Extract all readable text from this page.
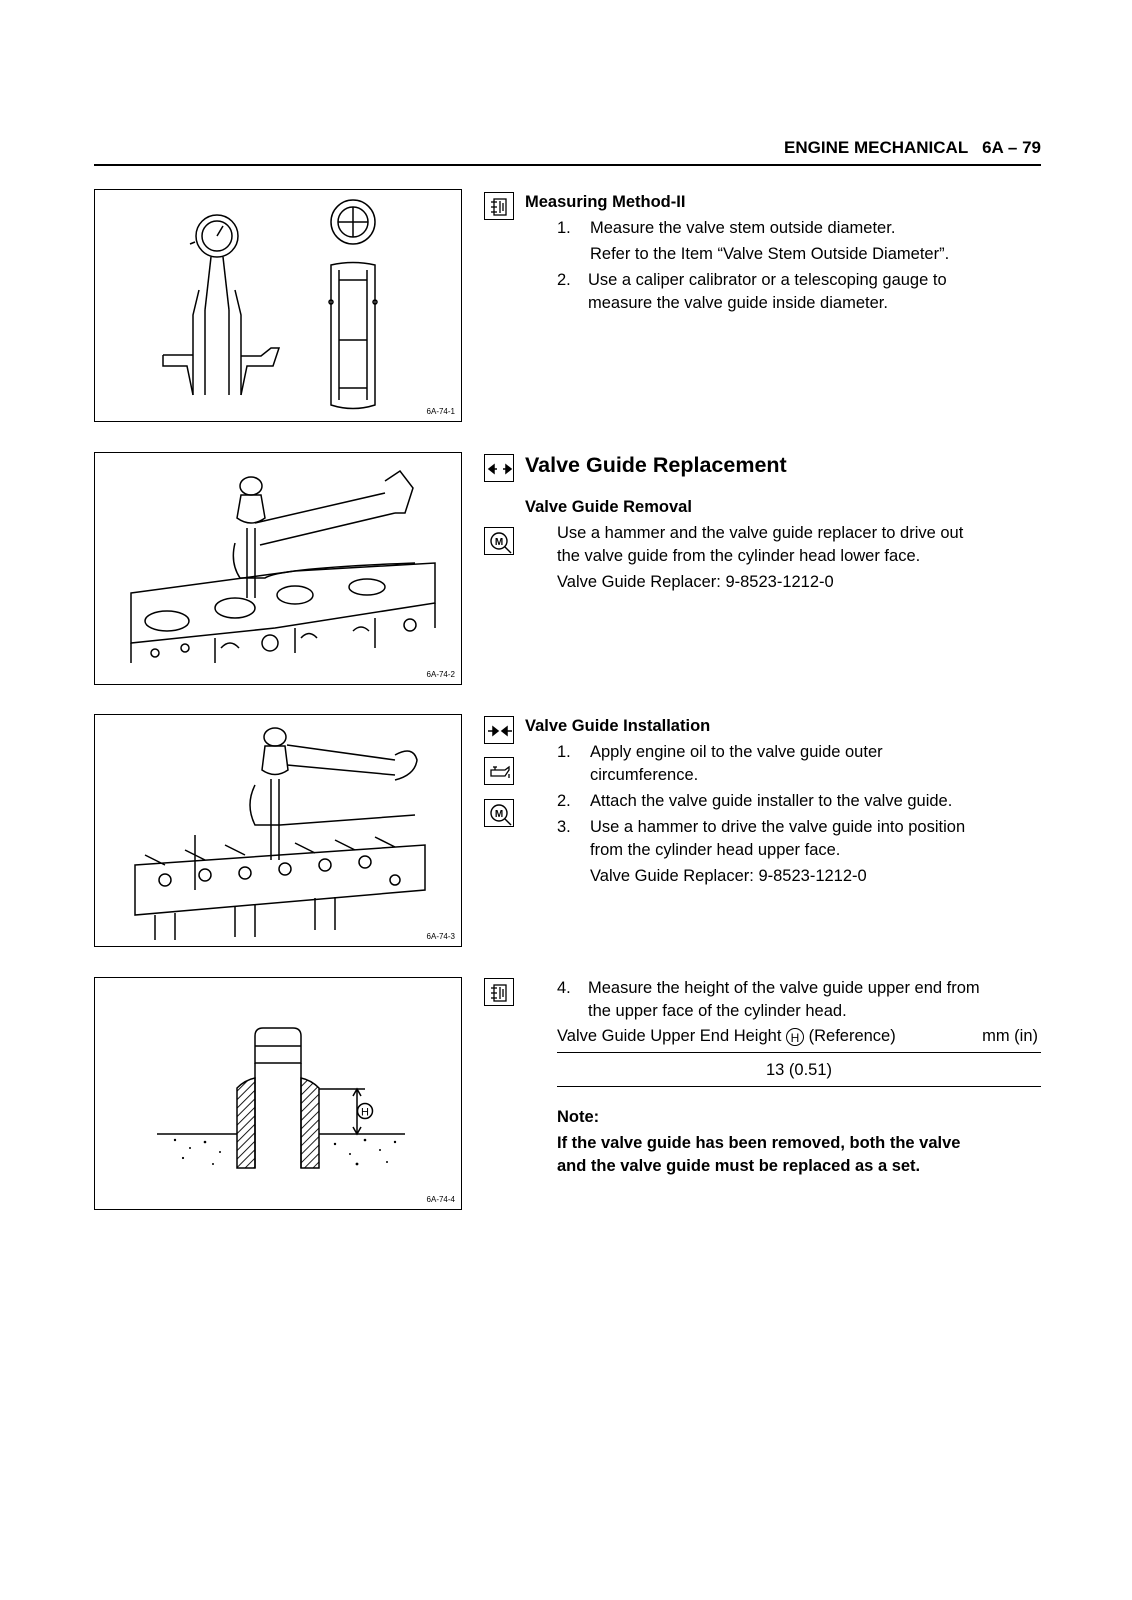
ENGINE MECHANICAL   6A – 79
6A-74-1
6A-74-2
6A-74-3
H
6A-74-4
M
M
Measuring Method-II
1. Measure the valve stem outside diameter.
Refer to the Item “Valve Stem Outside Diameter”.
2. Use a caliper calibrator or a telescoping gauge to
measure the valve guide inside diameter.
Valve Guide Replacement
Valve Guide Removal
Use a hammer and the valve guide replacer to drive out
the valve guide from the cylinder head lower face.
Valve Guide Replacer: 9-8523-1212-0
Valve Guide Installation
1. Apply engine oil to the valve guide outer
circumference.
2. Attach the valve guide installer to the valve guide.
3. Use a hammer to drive the valve guide into position
from the cylinder head upper face.
Valve Guide Replacer: 9-8523-1212-0
4. Measure the height of the valve guide upper end from
the upper face of the cylinder head.
Valve Guide Upper End Height H (Reference)	mm (in)
13 (0.51)
Note:
If the valve guide has been removed, both the valve
and the valve guide must be replaced as a set.
